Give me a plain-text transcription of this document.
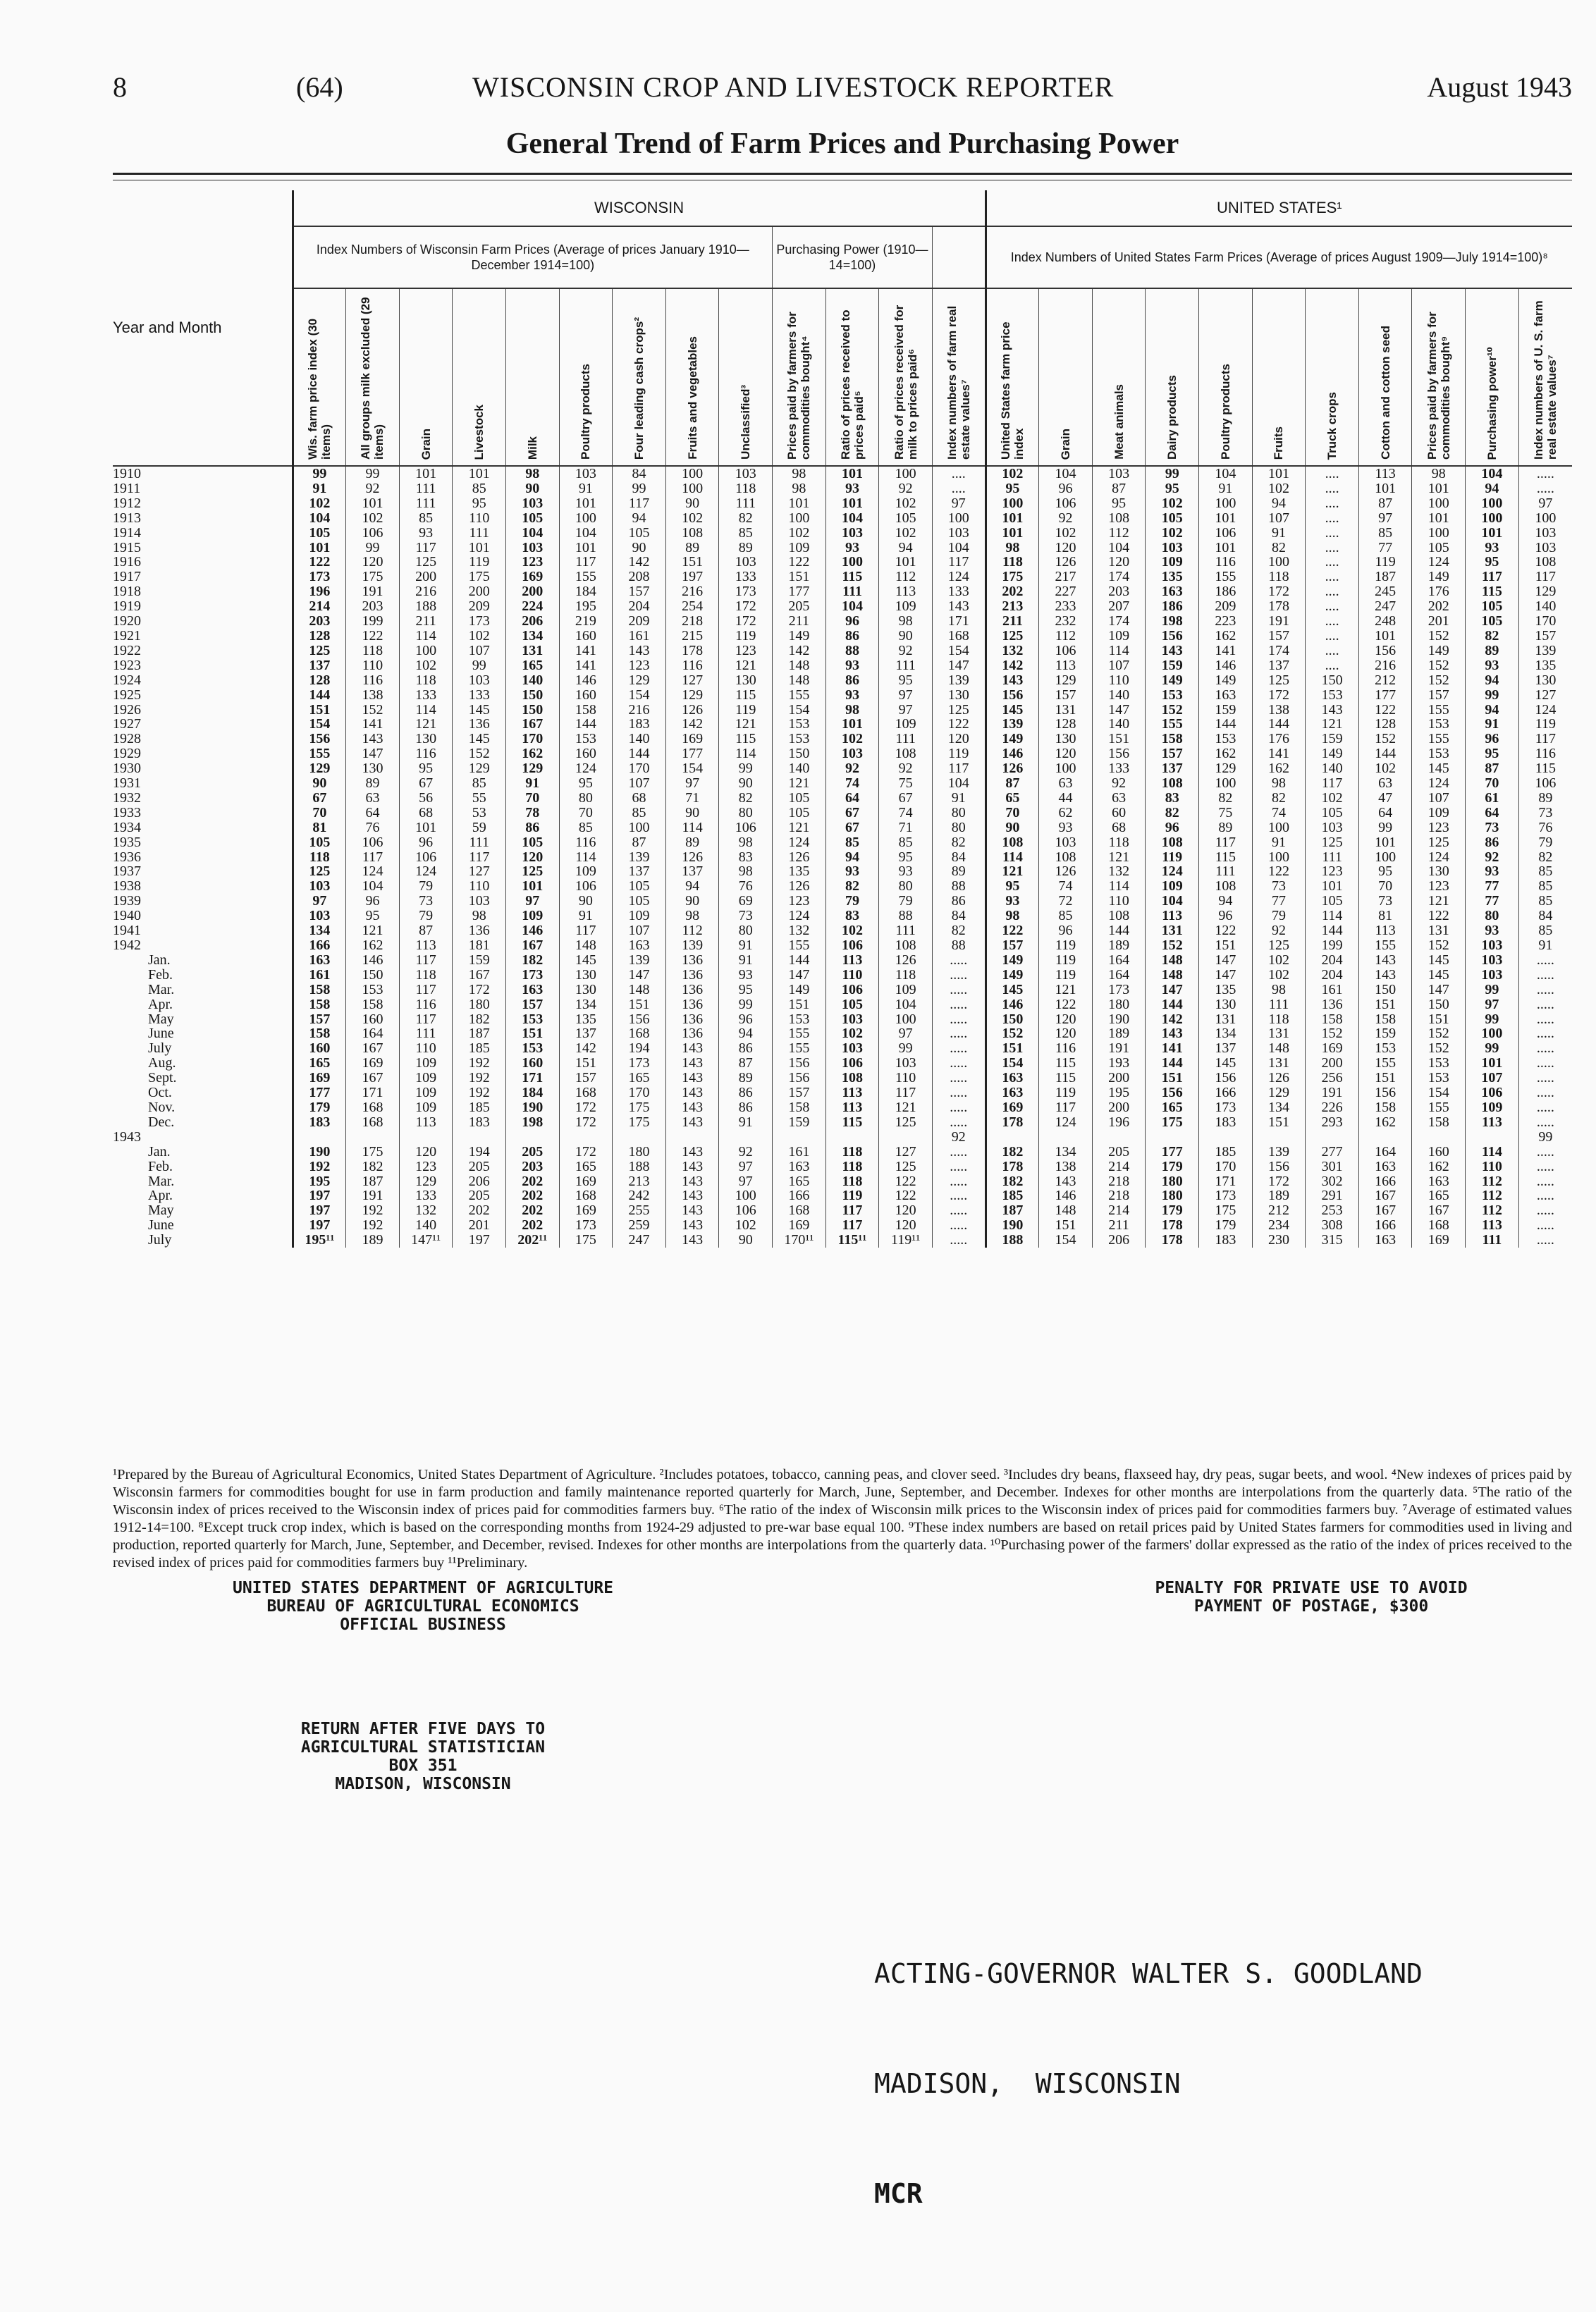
8	(64)	WISCONSIN CROP AND LIVESTOCK REPORTER	August 1943
General Trend of Farm Prices and Purchasing Power
Year and Month	WISCONSIN													UNITED STATES¹										
	Index Numbers of Wisconsin Farm Prices (Average of prices January 1910—December 1914=100)									Purchasing Power (1910—14=100)				Index Numbers of United States Farm Prices (Average of prices August 1909—July 1914=100)⁸										

	Wis. farm price index (30 items)	All groups milk excluded (29 items)	Grain	Livestock	Milk	Poultry products	Four leading cash crops²	Fruits and vegetables	Unclassified³	Prices paid by farmers for commodities bought⁴	Ratio of prices received to prices paid⁵	Ratio of prices received for milk to prices paid⁶	Index numbers of farm real estate values⁷	United States farm price index	Grain	Meat animals	Dairy products	Poultry products	Fruits	Truck crops	Cotton and cotton seed	Prices paid by farmers for commodities bought⁹	Purchasing power¹⁰	Index numbers of U. S. farm real estate values⁷

1910	99	99	101	101	98	103	84	100	103	98	101	100	....	102	104	103	99	104	101	....	113	98	104	.....
1911	91	92	111	85	90	91	99	100	118	98	93	92	....	95	96	87	95	91	102	....	101	101	94	.....
1912	102	101	111	95	103	101	117	90	111	101	101	102	97	100	106	95	102	100	94	....	87	100	100	97
1913	104	102	85	110	105	100	94	102	82	100	104	105	100	101	92	108	105	101	107	....	97	101	100	100
1914	105	106	93	111	104	104	105	108	85	102	103	102	103	101	102	112	102	106	91	....	85	100	101	103
1915	101	99	117	101	103	101	90	89	89	109	93	94	104	98	120	104	103	101	82	....	77	105	93	103
1916	122	120	125	119	123	117	142	151	103	122	100	101	117	118	126	120	109	116	100	....	119	124	95	108
1917	173	175	200	175	169	155	208	197	133	151	115	112	124	175	217	174	135	155	118	....	187	149	117	117
1918	196	191	216	200	200	184	157	216	173	177	111	113	133	202	227	203	163	186	172	....	245	176	115	129
1919	214	203	188	209	224	195	204	254	172	205	104	109	143	213	233	207	186	209	178	....	247	202	105	140
1920	203	199	211	173	206	219	209	218	172	211	96	98	171	211	232	174	198	223	191	....	248	201	105	170
1921	128	122	114	102	134	160	161	215	119	149	86	90	168	125	112	109	156	162	157	....	101	152	82	157
1922	125	118	100	107	131	141	143	178	123	142	88	92	154	132	106	114	143	141	174	....	156	149	89	139
1923	137	110	102	99	165	141	123	116	121	148	93	111	147	142	113	107	159	146	137	....	216	152	93	135
1924	128	116	118	103	140	146	129	127	130	148	86	95	139	143	129	110	149	149	125	150	212	152	94	130
1925	144	138	133	133	150	160	154	129	115	155	93	97	130	156	157	140	153	163	172	153	177	157	99	127
1926	151	152	114	145	150	158	216	126	119	154	98	97	125	145	131	147	152	159	138	143	122	155	94	124
1927	154	141	121	136	167	144	183	142	121	153	101	109	122	139	128	140	155	144	144	121	128	153	91	119
1928	156	143	130	145	170	153	140	169	115	153	102	111	120	149	130	151	158	153	176	159	152	155	96	117
1929	155	147	116	152	162	160	144	177	114	150	103	108	119	146	120	156	157	162	141	149	144	153	95	116
1930	129	130	95	129	129	124	170	154	99	140	92	92	117	126	100	133	137	129	162	140	102	145	87	115
1931	90	89	67	85	91	95	107	97	90	121	74	75	104	87	63	92	108	100	98	117	63	124	70	106
1932	67	63	56	55	70	80	68	71	82	105	64	67	91	65	44	63	83	82	82	102	47	107	61	89
1933	70	64	68	53	78	70	85	90	80	105	67	74	80	70	62	60	82	75	74	105	64	109	64	73
1934	81	76	101	59	86	85	100	114	106	121	67	71	80	90	93	68	96	89	100	103	99	123	73	76
1935	105	106	96	111	105	116	87	89	98	124	85	85	82	108	103	118	108	117	91	125	101	125	86	79
1936	118	117	106	117	120	114	139	126	83	126	94	95	84	114	108	121	119	115	100	111	100	124	92	82
1937	125	124	124	127	125	109	137	137	98	135	93	93	89	121	126	132	124	111	122	123	95	130	93	85
1938	103	104	79	110	101	106	105	94	76	126	82	80	88	95	74	114	109	108	73	101	70	123	77	85
1939	97	96	73	103	97	90	105	90	69	123	79	79	86	93	72	110	104	94	77	105	73	121	77	85
1940	103	95	79	98	109	91	109	98	73	124	83	88	84	98	85	108	113	96	79	114	81	122	80	84
1941	134	121	87	136	146	117	107	112	80	132	102	111	82	122	96	144	131	122	92	144	113	131	93	85
1942	166	162	113	181	167	148	163	139	91	155	106	108	88	157	119	189	152	151	125	199	155	152	103	91
Jan.	163	146	117	159	182	145	139	136	91	144	113	126	.....	149	119	164	148	147	102	204	143	145	103	.....
Feb.	161	150	118	167	173	130	147	136	93	147	110	118	.....	149	119	164	148	147	102	204	143	145	103	.....
Mar.	158	153	117	172	163	130	148	136	95	149	106	109	.....	145	121	173	147	135	98	161	150	147	99	.....
Apr.	158	158	116	180	157	134	151	136	99	151	105	104	.....	146	122	180	144	130	111	136	151	150	97	.....
May	157	160	117	182	153	135	156	136	96	153	103	100	.....	150	120	190	142	131	118	158	158	151	99	.....
June	158	164	111	187	151	137	168	136	94	155	102	97	.....	152	120	189	143	134	131	152	159	152	100	.....
July	160	167	110	185	153	142	194	143	86	155	103	99	.....	151	116	191	141	137	148	169	153	152	99	.....
Aug.	165	169	109	192	160	151	173	143	87	156	106	103	.....	154	115	193	144	145	131	200	155	153	101	.....
Sept.	169	167	109	192	171	157	165	143	89	156	108	110	.....	163	115	200	151	156	126	256	151	153	107	.....
Oct.	177	171	109	192	184	168	170	143	86	157	113	117	.....	163	119	195	156	166	129	191	156	154	106	.....
Nov.	179	168	109	185	190	172	175	143	86	158	113	121	.....	169	117	200	165	173	134	226	158	155	109	.....
Dec.	183	168	113	183	198	172	175	143	91	159	115	125	.....	178	124	196	175	183	151	293	162	158	113	.....
1943													92											99
Jan.	190	175	120	194	205	172	180	143	92	161	118	127	.....	182	134	205	177	185	139	277	164	160	114	.....
Feb.	192	182	123	205	203	165	188	143	97	163	118	125	.....	178	138	214	179	170	156	301	163	162	110	.....
Mar.	195	187	129	206	202	169	213	143	97	165	118	122	.....	182	143	218	180	171	172	302	166	163	112	.....
Apr.	197	191	133	205	202	168	242	143	100	166	119	122	.....	185	146	218	180	173	189	291	167	165	112	.....
May	197	192	132	202	202	169	255	143	106	168	117	120	.....	187	148	214	179	175	212	253	167	167	112	.....
June	197	192	140	201	202	173	259	143	102	169	117	120	.....	190	151	211	178	179	234	308	166	168	113	.....
July	195¹¹	189	147¹¹	197	202¹¹	175	247	143	90	170¹¹	115¹¹	119¹¹	.....	188	154	206	178	183	230	315	163	169	111	.....
¹Prepared by the Bureau of Agricultural Economics, United States Department of Agriculture. ²Includes potatoes, tobacco, canning peas, and clover seed. ³Includes dry beans, flaxseed hay, dry peas, sugar beets, and wool. ⁴New indexes of prices paid by Wisconsin farmers for commodities bought for use in farm production and family maintenance reported quarterly for March, June, September, and December. Indexes for other months are interpolations from the quarterly data. ⁵The ratio of the Wisconsin index of prices received to the Wisconsin index of prices paid for commodities farmers buy. ⁶The ratio of the index of Wisconsin milk prices to the Wisconsin index of prices paid for commodities farmers buy. ⁷Average of estimated values 1912-14=100. ⁸Except truck crop index, which is based on the corresponding months from 1924-29 adjusted to pre-war base equal 100. ⁹These index numbers are based on retail prices paid by United States farmers for commodities used in living and production, reported quarterly for March, June, September, and December, revised. Indexes for other months are interpolations from the quarterly data. ¹⁰Purchasing power of the farmers' dollar expressed as the ratio of the index of prices received to the revised index of prices paid for commodities farmers buy ¹¹Preliminary.
UNITED STATES DEPARTMENT OF AGRICULTURE
BUREAU OF AGRICULTURAL ECONOMICS
OFFICIAL BUSINESS
PENALTY FOR PRIVATE USE TO AVOID
PAYMENT OF POSTAGE, $300
RETURN AFTER FIVE DAYS TO
AGRICULTURAL STATISTICIAN
BOX 351
MADISON, WISCONSIN

ACTING-GOVERNOR WALTER S. GOODLAND

MADISON,  WISCONSIN

MCR
